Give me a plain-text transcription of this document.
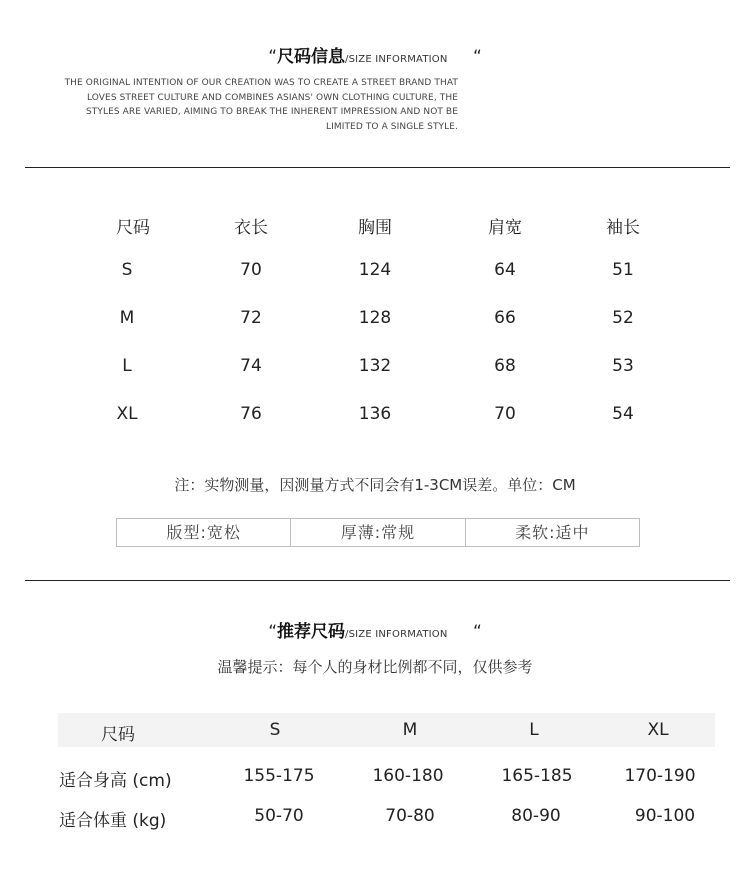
“尺码信息/SIZE INFORMATION “
THE ORIGINAL INTENTION OF OUR CREATION WAS TO CREATE A STREET BRAND THAT
LOVES STREET CULTURE AND COMBINES ASIANS' OWN CLOTHING CULTURE, THE
STYLES ARE VARIED, AIMING TO BREAK THE INHERENT IMPRESSION AND NOT BE
LIMITED TO A SINGLE STYLE.
尺码	衣长	胸围	肩宽	袖长
S	70	124	64	51
M	72	128	66	52
L	74	132	68	53
XL	76	136	70	54
注：实物测量，因测量方式不同会有1-3CM误差。单位：CM
版型:宽松	厚薄:常规	柔软:适中
“推荐尺码/SIZE INFORMATION “
温馨提示：每个人的身材比例都不同，仅供参考
尺码	S	M	L	XL
适合身高 (cm)	155-175	160-180	165-185	170-190
适合体重 (kg)	50-70	70-80	80-90	90-100
